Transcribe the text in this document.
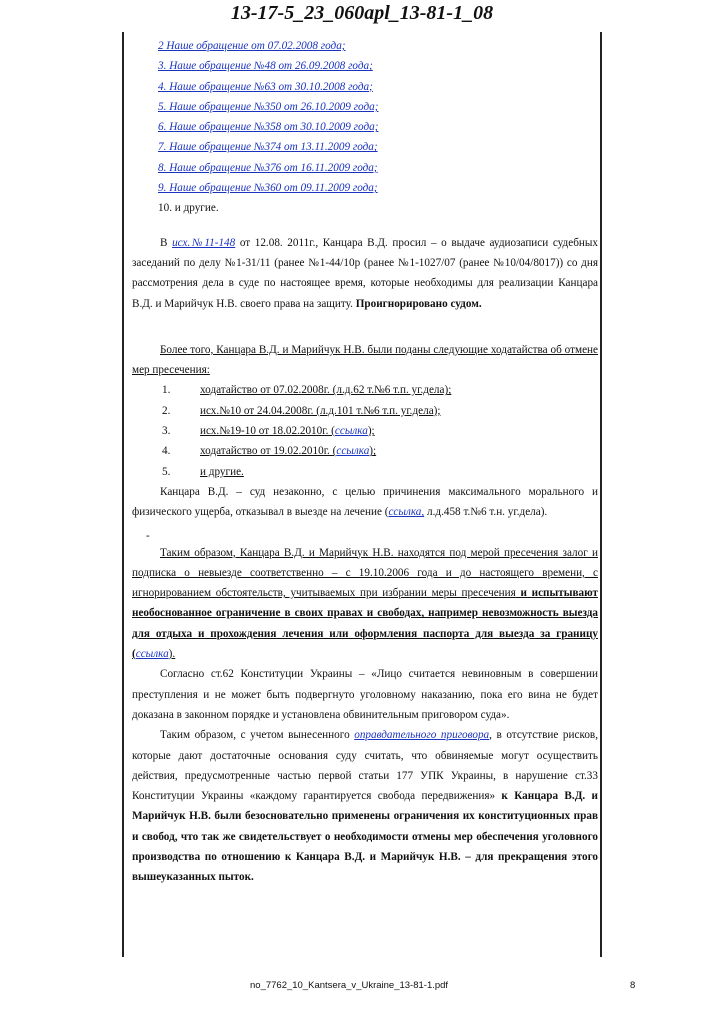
13-17-5_23_060apl_13-81-1_08
2 Наше обращение от 07.02.2008 года;
3. Наше обращение №48 от 26.09.2008 года;
4. Наше обращение №63 от 30.10.2008 года;
5. Наше обращение №350 от 26.10.2009 года;
6. Наше обращение №358 от 30.10.2009 года;
7. Наше обращение №374 от 13.11.2009 года;
8. Наше обращение №376 от 16.11.2009 года;
9. Наше обращение №360 от 09.11.2009 года;
10. и другие.

В исх.№11-148 от 12.08. 2011г., Канцара В.Д. просил – о выдаче аудиозаписи судебных заседаний по делу №1-31/11 (ранее №1-44/10р (ранее №1-1027/07 (ранее №10/04/8017)) со дня рассмотрения дела в суде по настоящее время, которые необходимы для реализации Канцара В.Д. и Марийчук Н.В. своего права на защиту. Проигнорировано судом.

Более того, Канцара В.Д. и Марийчук Н.В. были поданы следующие ходатайства об отмене мер пресечения:

1.	ходатайство от 07.02.2008г. (л.д.62 т.№6 т.п. уг.дела);
2.	исх.№10 от 24.04.2008г. (л.д.101 т.№6 т.п. уг.дела);
3.	исх.№19-10 от 18.02.2010г. (ссылка);
4.	ходатайство от 19.02.2010г. (ссылка);
5.	и другие.

Канцара В.Д. – суд незаконно, с целью причинения максимального морального и физического ущерба, отказывал в выезде на лечение (ссылка, л.д.458 т.№6 т.н. уг.дела).

-

Таким образом, Канцара В.Д. и Марийчук Н.В. находятся под мерой пресечения залог и подписка о невыезде соответственно – с 19.10.2006 года и до настоящего времени, с игнорированием обстоятельств, учитываемых при избрании меры пресечения и испытывают необоснованное ограничение в своих правах и свободах, например невозможность выезда для отдыха и прохождения лечения или оформления паспорта для выезда за границу (ссылка).

Согласно ст.62 Конституции Украины – «Лицо считается невиновным в совершении преступления и не может быть подвергнуто уголовному наказанию, пока его вина не будет доказана в законном порядке и установлена обвинительным приговором суда».

Таким образом, с учетом вынесенного оправдательного приговора, в отсутствие рисков, которые дают достаточные основания суду считать, что обвиняемые могут осуществить действия, предусмотренные частью первой статьи 177 УПК Украины, в нарушение ст.33 Конституции Украины «каждому гарантируется свобода передвижения» к Канцара В.Д. и Марийчук Н.В. были безосновательно применены ограничения их конституционных прав и свобод, что так же свидетельствует о необходимости отмены мер обеспечения уголовного производства по отношению к Канцара В.Д. и Марийчук Н.В. – для прекращения этого вышеуказанных пыток.

no_7762_10_Kantsera_v_Ukraine_13-81-1.pdf	8
